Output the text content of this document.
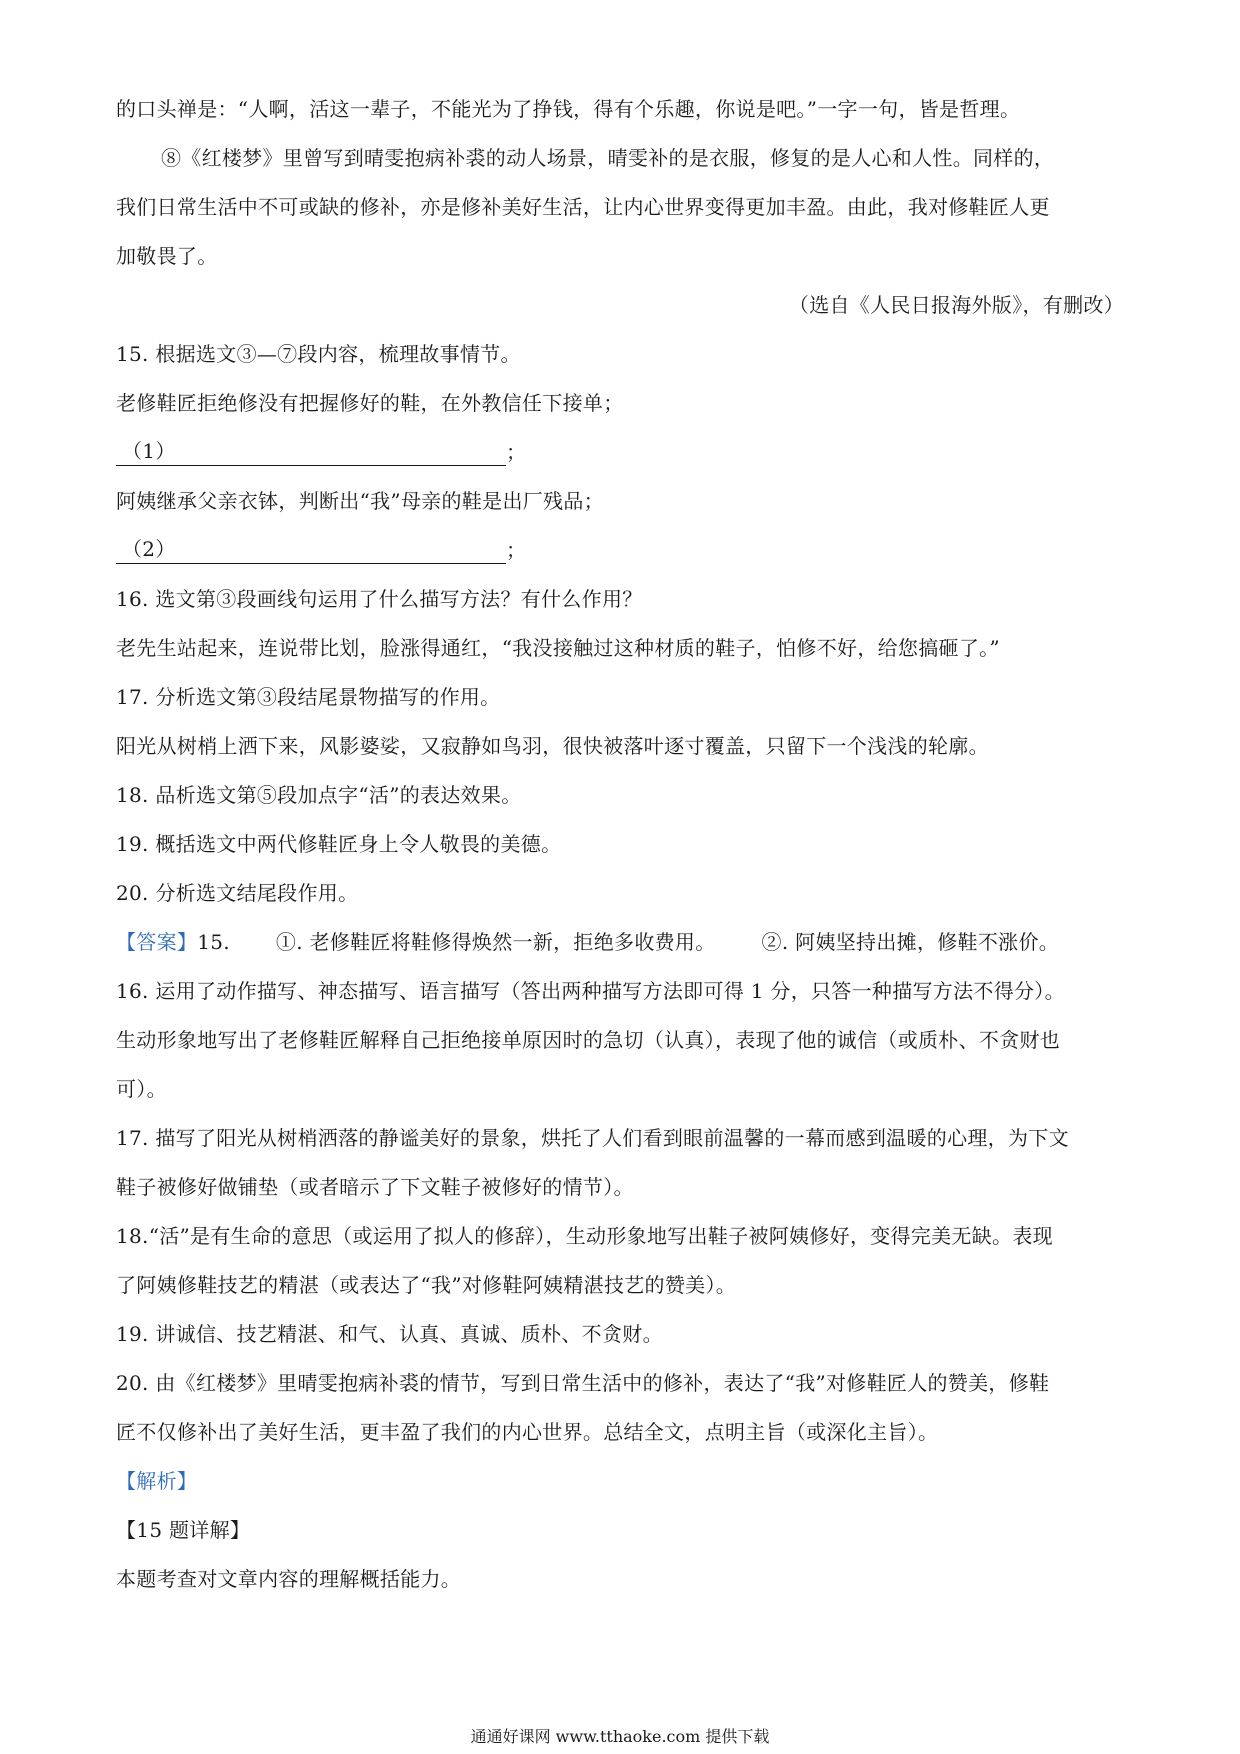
的口头禅是：“人啊，活这一辈子，不能光为了挣钱，得有个乐趣，你说是吧。”一字一句，皆是哲理。
⑧《红楼梦》里曾写到晴雯抱病补裘的动人场景，晴雯补的是衣服，修复的是人心和人性。同样的，
我们日常生活中不可或缺的修补，亦是修补美好生活，让内心世界变得更加丰盈。由此，我对修鞋匠人更
加敬畏了。
（选自《人民日报海外版》，有删改）
15. 根据选文③—⑦段内容，梳理故事情节。
老修鞋匠拒绝修没有把握修好的鞋，在外教信任下接单；
（1）	；
阿姨继承父亲衣钵，判断出“我”母亲的鞋是出厂残品；
（2）	；
16. 选文第③段画线句运用了什么描写方法？有什么作用？
老先生站起来，连说带比划，脸涨得通红，“我没接触过这种材质的鞋子，怕修不好，给您搞砸了。”
17. 分析选文第③段结尾景物描写的作用。
阳光从树梢上洒下来，风影婆娑，又寂静如鸟羽，很快被落叶逐寸覆盖，只留下一个浅浅的轮廓。
18. 品析选文第⑤段加点字“活”的表达效果。
19. 概括选文中两代修鞋匠身上令人敬畏的美德。
20. 分析选文结尾段作用。
【答案】15. ①. 老修鞋匠将鞋修得焕然一新，拒绝多收费用。 ②. 阿姨坚持出摊，修鞋不涨价。
16. 运用了动作描写、神态描写、语言描写（答出两种描写方法即可得 1 分，只答一种描写方法不得分）。
生动形象地写出了老修鞋匠解释自己拒绝接单原因时的急切（认真），表现了他的诚信（或质朴、不贪财也
可）。
17. 描写了阳光从树梢洒落的静谧美好的景象，烘托了人们看到眼前温馨的一幕而感到温暖的心理，为下文
鞋子被修好做铺垫（或者暗示了下文鞋子被修好的情节）。
18.“活”是有生命的意思（或运用了拟人的修辞），生动形象地写出鞋子被阿姨修好，变得完美无缺。表现
了阿姨修鞋技艺的精湛（或表达了“我”对修鞋阿姨精湛技艺的赞美）。
19. 讲诚信、技艺精湛、和气、认真、真诚、质朴、不贪财。
20. 由《红楼梦》里晴雯抱病补裘的情节，写到日常生活中的修补，表达了“我”对修鞋匠人的赞美，修鞋
匠不仅修补出了美好生活，更丰盈了我们的内心世界。总结全文，点明主旨（或深化主旨）。
【解析】
【15 题详解】
本题考查对文章内容的理解概括能力。
通通好课网 www.tthaoke.com 提供下载
